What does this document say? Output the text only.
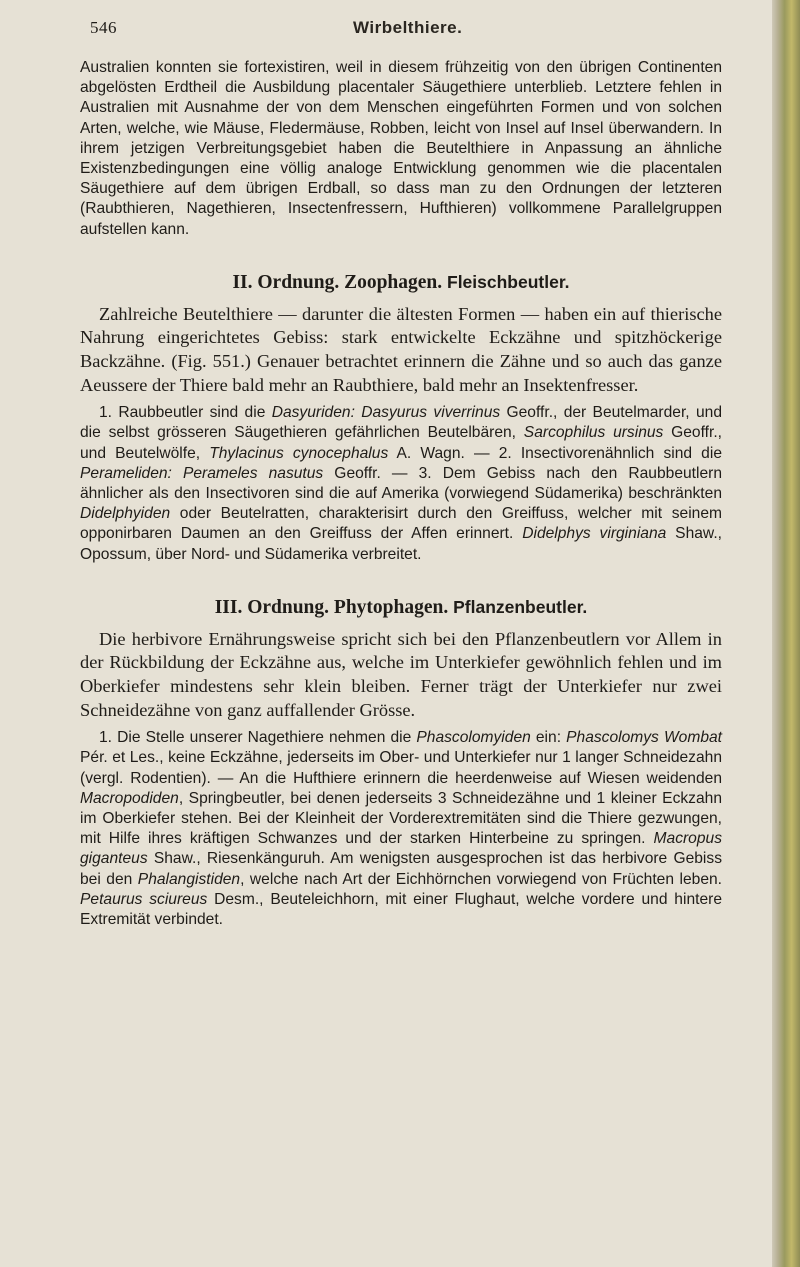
546	Wirbelthiere.

Australien konnten sie fortexistiren, weil in diesem frühzeitig von den übrigen Continenten abgelösten Erdtheil die Ausbildung placentaler Säugethiere unterblieb. Letztere fehlen in Australien mit Ausnahme der von dem Menschen eingeführten Formen und von solchen Arten, welche, wie Mäuse, Fledermäuse, Robben, leicht von Insel auf Insel überwandern. In ihrem jetzigen Verbreitungsgebiet haben die Beutelthiere in Anpassung an ähnliche Existenzbedingungen eine völlig analoge Entwicklung genommen wie die placentalen Säugethiere auf dem übrigen Erdball, so dass man zu den Ordnungen der letzteren (Raubthieren, Nagethieren, Insectenfressern, Hufthieren) vollkommene Parallelgruppen aufstellen kann.

II. Ordnung. Zoophagen. Fleischbeutler.

Zahlreiche Beutelthiere — darunter die ältesten Formen — haben ein auf thierische Nahrung eingerichtetes Gebiss: stark entwickelte Eckzähne und spitzhöckerige Backzähne. (Fig. 551.) Genauer betrachtet erinnern die Zähne und so auch das ganze Aeussere der Thiere bald mehr an Raubthiere, bald mehr an Insektenfresser.

1. Raubbeutler sind die Dasyuriden: Dasyurus viverrinus Geoffr., der Beutelmarder, und die selbst grösseren Säugethieren gefährlichen Beutelbären, Sarcophilus ursinus Geoffr., und Beutelwölfe, Thylacinus cynocephalus A. Wagn. — 2. Insectivorenähnlich sind die Perameliden: Perameles nasutus Geoffr. — 3. Dem Gebiss nach den Raubbeutlern ähnlicher als den Insectivoren sind die auf Amerika (vorwiegend Südamerika) beschränkten Didelphyiden oder Beutelratten, charakterisirt durch den Greiffuss, welcher mit seinem opponirbaren Daumen an den Greiffuss der Affen erinnert. Didelphys virginiana Shaw., Opossum, über Nord- und Südamerika verbreitet.

III. Ordnung. Phytophagen. Pflanzenbeutler.

Die herbivore Ernährungsweise spricht sich bei den Pflanzenbeutlern vor Allem in der Rückbildung der Eckzähne aus, welche im Unterkiefer gewöhnlich fehlen und im Oberkiefer mindestens sehr klein bleiben. Ferner trägt der Unterkiefer nur zwei Schneidezähne von ganz auffallender Grösse.

1. Die Stelle unserer Nagethiere nehmen die Phascolomyiden ein: Phascolomys Wombat Pér. et Les., keine Eckzähne, jederseits im Ober- und Unterkiefer nur 1 langer Schneidezahn (vergl. Rodentien). — An die Hufthiere erinnern die heerdenweise auf Wiesen weidenden Macropodiden, Springbeutler, bei denen jederseits 3 Schneidezähne und 1 kleiner Eckzahn im Oberkiefer stehen. Bei der Kleinheit der Vorderextremitäten sind die Thiere gezwungen, mit Hilfe ihres kräftigen Schwanzes und der starken Hinterbeine zu springen. Macropus giganteus Shaw., Riesenkänguruh. Am wenigsten ausgesprochen ist das herbivore Gebiss bei den Phalangistiden, welche nach Art der Eichhörnchen vorwiegend von Früchten leben. Petaurus sciureus Desm., Beuteleichhorn, mit einer Flughaut, welche vordere und hintere Extremität verbindet.
